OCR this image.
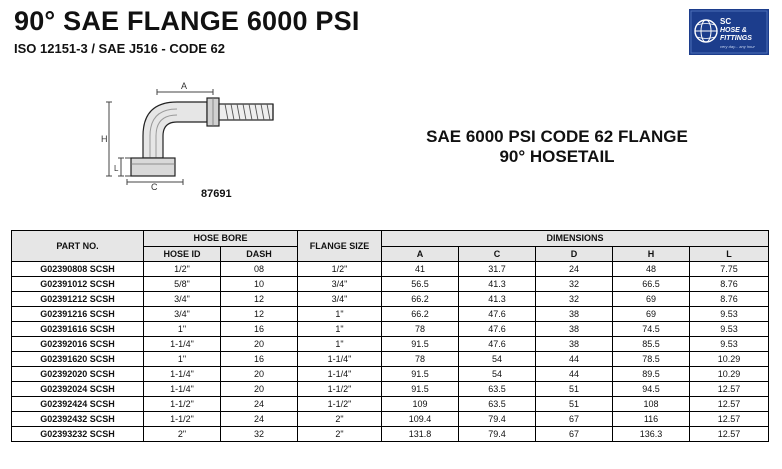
90° SAE FLANGE 6000 PSI
ISO 12151-3 / SAE J516 - CODE 62
SC
HOSE &
FITTINGS
very day... any hour
A
H
L
C
87691
SAE 6000 PSI CODE 62 FLANGE
90° HOSETAIL
PART NO.	HOSE BORE		FLANGE SIZE	DIMENSIONS				
	HOSE ID	DASH		A	C	D	H	L
G02390808 SCSH	1/2"	08	1/2"	41	31.7	24	48	7.75
G02391012 SCSH	5/8"	10	3/4"	56.5	41.3	32	66.5	8.76
G02391212 SCSH	3/4"	12	3/4"	66.2	41.3	32	69	8.76
G02391216 SCSH	3/4"	12	1"	66.2	47.6	38	69	9.53
G02391616 SCSH	1"	16	1"	78	47.6	38	74.5	9.53
G02392016 SCSH	1-1/4"	20	1"	91.5	47.6	38	85.5	9.53
G02391620 SCSH	1"	16	1-1/4"	78	54	44	78.5	10.29
G02392020 SCSH	1-1/4"	20	1-1/4"	91.5	54	44	89.5	10.29
G02392024 SCSH	1-1/4"	20	1-1/2"	91.5	63.5	51	94.5	12.57
G02392424 SCSH	1-1/2"	24	1-1/2"	109	63.5	51	108	12.57
G02392432 SCSH	1-1/2"	24	2"	109.4	79.4	67	116	12.57
G02393232 SCSH	2"	32	2"	131.8	79.4	67	136.3	12.57
